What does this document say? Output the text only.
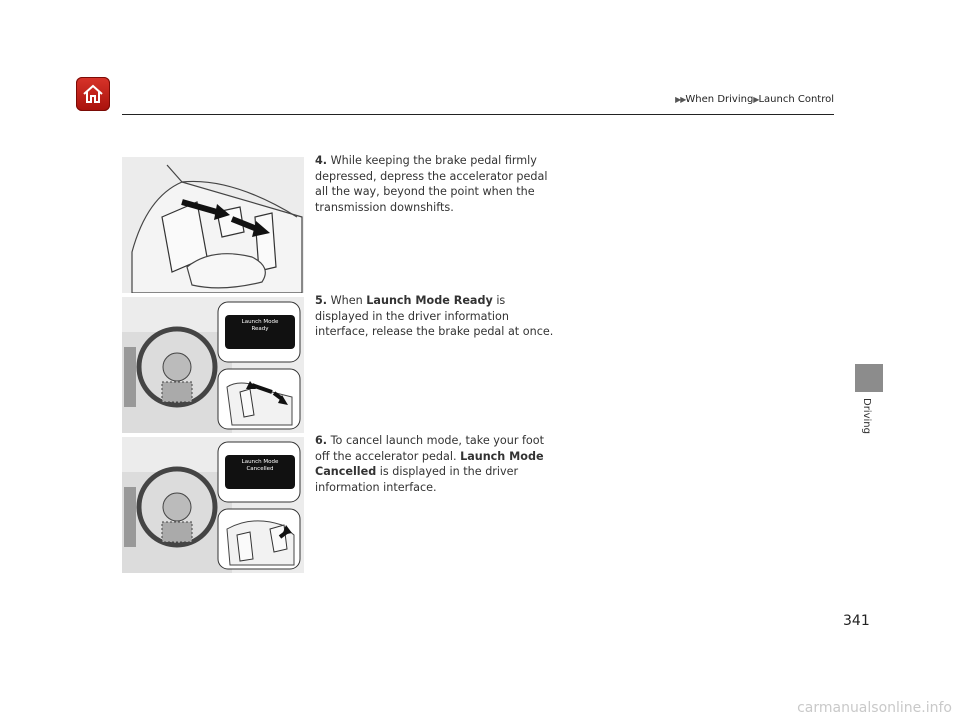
▶▶When Driving▶Launch Control
Driving
Launch Mode
Ready
Launch Mode
Cancelled
4. While keeping the brake pedal firmly depressed, depress the accelerator pedal all the way, beyond the point when the transmission downshifts.
5. When Launch Mode Ready is displayed in the driver information interface, release the brake pedal at once.
6. To cancel launch mode, take your foot off the accelerator pedal. Launch Mode Cancelled is displayed in the driver information interface.
341
carmanualsonline.info
